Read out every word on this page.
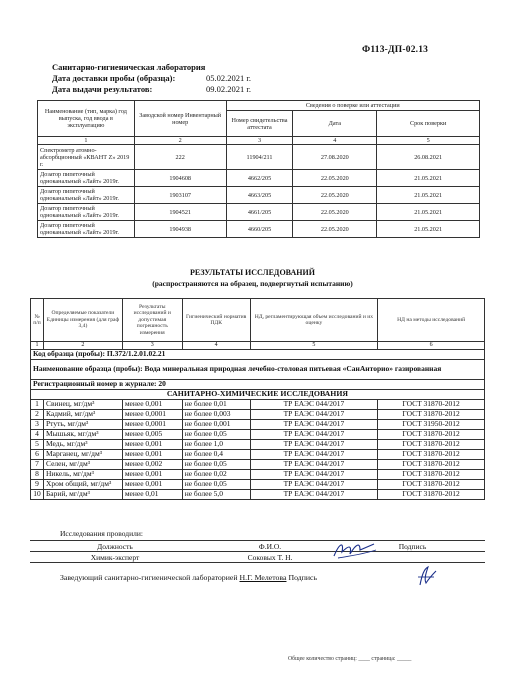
Ф113-ДП-02.13
Санитарно-гигиеническая лаборатория
Дата доставки пробы (образца):	05.02.2021 г.
Дата выдачи результатов:	09.02.2021 г.
Наименование (тип, марка) год выпуска, год ввода в эксплуатацию	Заводской номер Инвентарный номер	Сведения о поверке или аттестации		
		Номер свидетельства аттестата	Дата	Срок поверки
1	2	3	4	5
Спектрометр атомно-абсорбционный «КВАНТ Z» 2019 г.	222	11904/211	27.08.2020	26.08.2021
Дозатор пипеточный одноканальный «Лайт» 2019г.	1904608	4662/205	22.05.2020	21.05.2021
Дозатор пипеточный одноканальный «Лайт» 2019г.	1903107	4663/205	22.05.2020	21.05.2021
Дозатор пипеточный одноканальный «Лайт» 2019г.	1904521	4661/205	22.05.2020	21.05.2021
Дозатор пипеточный одноканальный «Лайт» 2019г.	1904938	4660/205	22.05.2020	21.05.2021
РЕЗУЛЬТАТЫ ИССЛЕДОВАНИЙ
(распространяются на образец, подвергнутый испытанию)
№ п/п	Определяемые показатели Единицы измерения (для граф 3,4)	Результаты исследований и допустимая погрешность измерения	Гигиенический норматив ПДК	НД, регламентирующая объем исследований и их оценку	НД на методы исследований
1	2	3	4	5	6
Код образца (пробы): П.372/1.2.01.02.21					
Наименование образца (пробы): Вода минеральная природная лечебно-столовая питьевая «СанАнторио» газированная					
Регистрационный номер в журнале: 20					
САНИТАРНО-ХИМИЧЕСКИЕ ИССЛЕДОВАНИЯ					
1	Свинец, мг/дм³	менее 0,001	не более 0,01	ТР ЕАЭС 044/2017	ГОСТ 31870-2012
2	Кадмий, мг/дм³	менее 0,0001	не более 0,003	ТР ЕАЭС 044/2017	ГОСТ 31870-2012
3	Ртуть, мг/дм³	менее 0,0001	не более 0,001	ТР ЕАЭС 044/2017	ГОСТ 31950-2012
4	Мышьяк, мг/дм³	менее 0,005	не более 0,05	ТР ЕАЭС 044/2017	ГОСТ 31870-2012
5	Медь, мг/дм³	менее 0,001	не более 1,0	ТР ЕАЭС 044/2017	ГОСТ 31870-2012
6	Марганец, мг/дм³	менее 0,001	не более 0,4	ТР ЕАЭС 044/2017	ГОСТ 31870-2012
7	Селен, мг/дм³	менее 0,002	не более 0,05	ТР ЕАЭС 044/2017	ГОСТ 31870-2012
8	Никель, мг/дм³	менее 0,001	не более 0,02	ТР ЕАЭС 044/2017	ГОСТ 31870-2012
9	Хром общий, мг/дм³	менее 0,001	не более 0,05	ТР ЕАЭС 044/2017	ГОСТ 31870-2012
10	Барий, мг/дм³	менее 0,01	не более 5,0	ТР ЕАЭС 044/2017	ГОСТ 31870-2012
Исследования проводили:
Должность	Ф.И.О.	Подпись
Химик-эксперт	Соковых Т. Н.	
Заведующий санитарно-гигиенической лабораторией Н.Г. Мелетова Подпись
Общее количество страниц: ____ страница: _____
